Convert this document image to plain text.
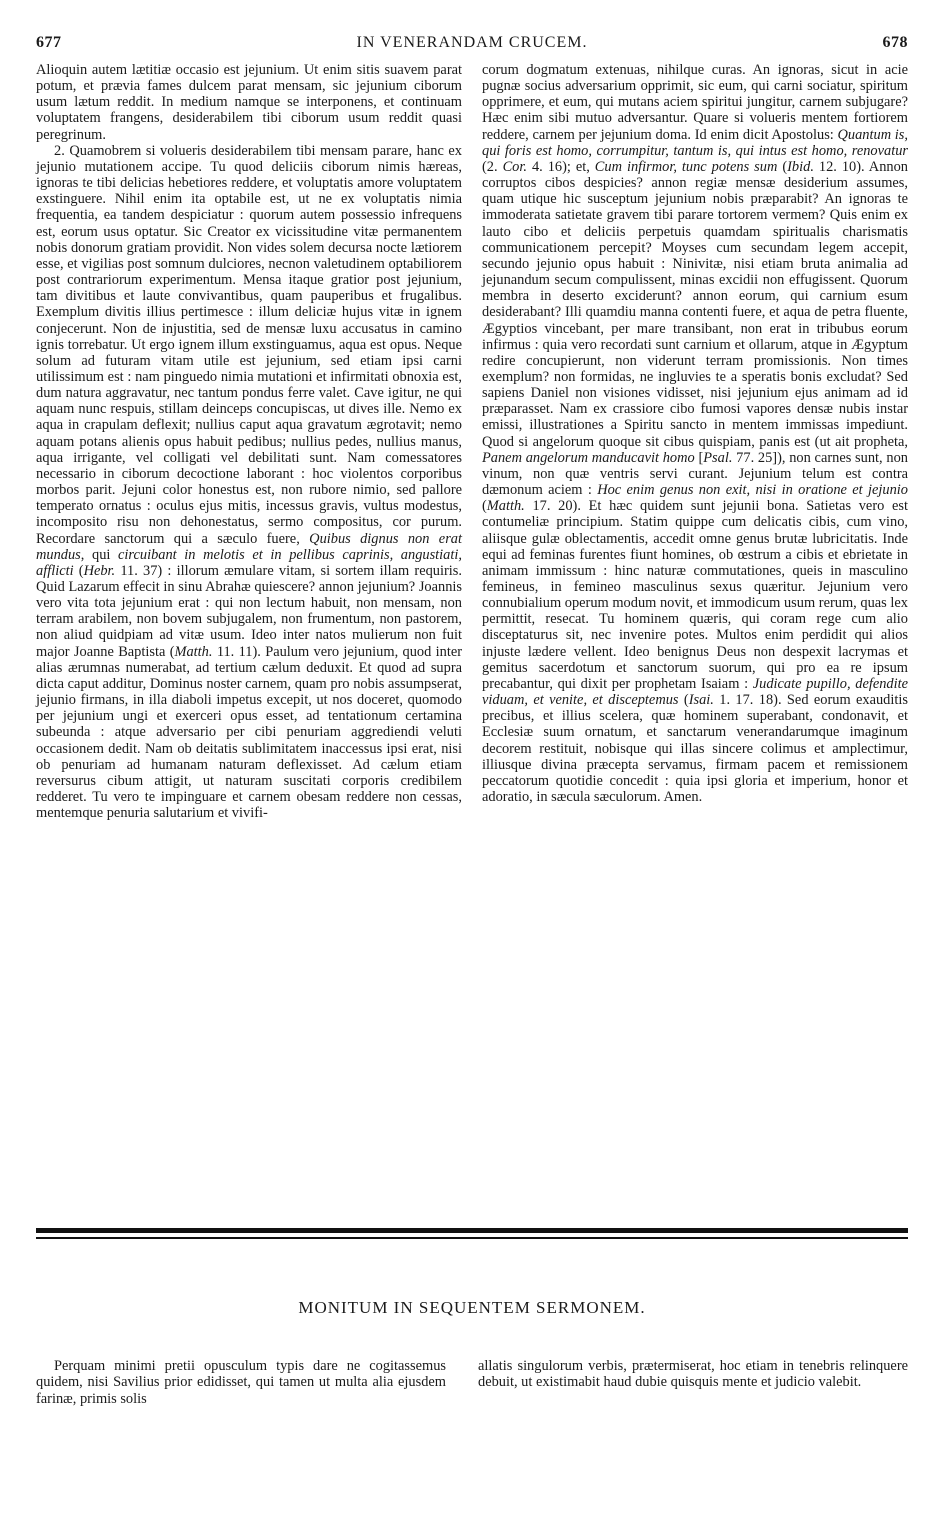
677	IN VENERANDAM CRUCEM.	678

Alioquin autem lætitiæ occasio est jejunium. Ut enim sitis suavem parat potum, et prævia fames dulcem parat mensam, sic jejunium ciborum usum lætum reddit. In medium namque se interponens, et continuam voluptatem frangens, desiderabilem tibi ciborum usum reddit quasi peregrinum.

2. Quamobrem si volueris desiderabilem tibi mensam parare, hanc ex jejunio mutationem accipe. Tu quod deliciis ciborum nimis hæreas, ignoras te tibi delicias hebetiores reddere, et voluptatis amore voluptatem exstinguere. Nihil enim ita optabile est, ut ne ex voluptatis nimia frequentia, ea tandem despiciatur : quorum autem possessio infrequens est, eorum usus optatur. Sic Creator ex vicissitudine vitæ permanentem nobis donorum gratiam providit. Non vides solem decursa nocte lætiorem esse, et vigilias post somnum dulciores, necnon valetudinem optabiliorem post contrariorum experimentum. Mensa itaque gratior post jejunium, tam divitibus et laute convivantibus, quam pauperibus et frugalibus. Exemplum divitis illius pertimesce : illum deliciæ hujus vitæ in ignem conjecerunt. Non de injustitia, sed de mensæ luxu accusatus in camino ignis torrebatur. Ut ergo ignem illum exstinguamus, aqua est opus. Neque solum ad futuram vitam utile est jejunium, sed etiam ipsi carni utilissimum est : nam pinguedo nimia mutationi et infirmitati obnoxia est, dum natura aggravatur, nec tantum pondus ferre valet. Cave igitur, ne qui aquam nunc respuis, stillam deinceps concupiscas, ut dives ille. Nemo ex aqua in crapulam deflexit; nullius caput aqua gravatum ægrotavit; nemo aquam potans alienis opus habuit pedibus; nullius pedes, nullius manus, aqua irrigante, vel colligati vel debilitati sunt. Nam comessatores necessario in ciborum decoctione laborant : hoc violentos corporibus morbos parit. Jejuni color honestus est, non rubore nimio, sed pallore temperato ornatus : oculus ejus mitis, incessus gravis, vultus modestus, incomposito risu non dehonestatus, sermo compositus, cor purum. Recordare sanctorum qui a sæculo fuere, Quibus dignus non erat mundus, qui circuibant in melotis et in pellibus caprinis, angustiati, afflicti (Hebr. 11. 37) : illorum æmulare vitam, si sortem illam requiris. Quid Lazarum effecit in sinu Abrahæ quiescere? annon jejunium? Joannis vero vita tota jejunium erat : qui non lectum habuit, non mensam, non terram arabilem, non bovem subjugalem, non frumentum, non pastorem, non aliud quidpiam ad vitæ usum. Ideo inter natos mulierum non fuit major Joanne Baptista (Matth. 11. 11). Paulum vero jejunium, quod inter alias ærumnas numerabat, ad tertium cælum deduxit. Et quod ad supra dicta caput additur, Dominus noster carnem, quam pro nobis assumpserat, jejunio firmans, in illa diaboli impetus excepit, ut nos doceret, quomodo per jejunium ungi et exerceri opus esset, ad tentationum certamina subeunda : atque adversario per cibi penuriam aggrediendi veluti occasionem dedit. Nam ob deitatis sublimitatem inaccessus ipsi erat, nisi ob penuriam ad humanam naturam deflexisset. Ad cælum etiam reversurus cibum attigit, ut naturam suscitati corporis credibilem redderet. Tu vero te impinguare et carnem obesam reddere non cessas, mentemque penuria salutarium et vivifi-

corum dogmatum extenuas, nihilque curas. An ignoras, sicut in acie pugnæ socius adversarium opprimit, sic eum, qui carni sociatur, spiritum opprimere, et eum, qui mutans aciem spiritui jungitur, carnem subjugare? Hæc enim sibi mutuo adversantur. Quare si volueris mentem fortiorem reddere, carnem per jejunium doma. Id enim dicit Apostolus: Quantum is, qui foris est homo, corrumpitur, tantum is, qui intus est homo, renovatur (2. Cor. 4. 16); et, Cum infirmor, tunc potens sum (Ibid. 12. 10). Annon corruptos cibos despicies? annon regiæ mensæ desiderium assumes, quam utique hic susceptum jejunium nobis præparabit? An ignoras te immoderata satietate gravem tibi parare tortorem vermem? Quis enim ex lauto cibo et deliciis perpetuis quamdam spiritualis charismatis communicationem percepit? Moyses cum secundam legem accepit, secundo jejunio opus habuit : Ninivitæ, nisi etiam bruta animalia ad jejunandum secum compulissent, minas excidii non effugissent. Quorum membra in deserto exciderunt? annon eorum, qui carnium esum desiderabant? Illi quamdiu manna contenti fuere, et aqua de petra fluente, Ægyptios vincebant, per mare transibant, non erat in tribubus eorum infirmus : quia vero recordati sunt carnium et ollarum, atque in Ægyptum redire concupierunt, non viderunt terram promissionis. Non times exemplum? non formidas, ne ingluvies te a speratis bonis excludat? Sed sapiens Daniel non visiones vidisset, nisi jejunium ejus animam ad id præparasset. Nam ex crassiore cibo fumosi vapores densæ nubis instar emissi, illustrationes a Spiritu sancto in mentem immissas impediunt. Quod si angelorum quoque sit cibus quispiam, panis est (ut ait propheta, Panem angelorum manducavit homo [Psal. 77. 25]), non carnes sunt, non vinum, non quæ ventris servi curant. Jejunium telum est contra dæmonum aciem : Hoc enim genus non exit, nisi in oratione et jejunio (Matth. 17. 20). Et hæc quidem sunt jejunii bona. Satietas vero est contumeliæ principium. Statim quippe cum delicatis cibis, cum vino, aliisque gulæ oblectamentis, accedit omne genus brutæ lubricitatis. Inde equi ad feminas furentes fiunt homines, ob œstrum a cibis et ebrietate in animam immissum : hinc naturæ commutationes, queis in masculino femineus, in femineo masculinus sexus quæritur. Jejunium vero connubialium operum modum novit, et immodicum usum rerum, quas lex permittit, resecat. Tu hominem quæris, qui coram rege cum alio disceptaturus sit, nec invenire potes. Multos enim perdidit qui alios injuste lædere vellent. Ideo benignus Deus non despexit lacrymas et gemitus sacerdotum et sanctorum suorum, qui pro ea re ipsum precabantur, qui dixit per prophetam Isaiam : Judicate pupillo, defendite viduam, et venite, et disceptemus (Isai. 1. 17. 18). Sed eorum exauditis precibus, et illius scelera, quæ hominem superabant, condonavit, et Ecclesiæ suum ornatum, et sanctarum venerandarumque imaginum decorem restituit, nobisque qui illas sincere colimus et amplectimur, illiusque divina præcepta servamus, firmam pacem et remissionem peccatorum quotidie concedit : quia ipsi gloria et imperium, honor et adoratio, in sæcula sæculorum. Amen.

MONITUM IN SEQUENTEM SERMONEM.

Perquam minimi pretii opusculum typis dare ne cogitassemus quidem, nisi Savilius prior edidisset, qui tamen ut multa alia ejusdem farinæ, primis solis

allatis singulorum verbis, prætermiserat, hoc etiam in tenebris relinquere debuit, ut existimabit haud dubie quisquis mente et judicio valebit.
